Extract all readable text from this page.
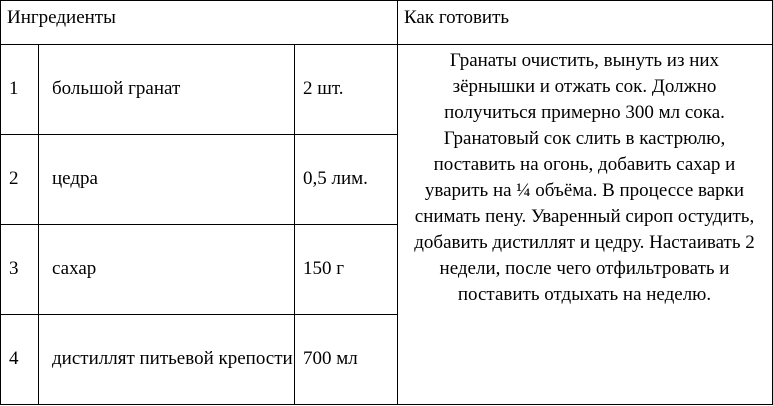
Ингредиенты			Как готовить
1	большой гранат	2 шт.	Гранаты очистить, вынуть из них зёрнышки и отжать сок. Должно получиться примерно 300 мл сока. Гранатовый сок слить в кастрюлю, поставить на огонь, добавить сахар и уварить на ¼ объёма. В процессе варки снимать пену. Уваренный сироп остудить, добавить дистиллят и цедру. Настаивать 2 недели, после чего отфильтровать и поставить отдыхать на неделю.
2	цедра	0,5 лим.	
3	сахар	150 г	
4	дистиллят питьевой крепости	700 мл	
